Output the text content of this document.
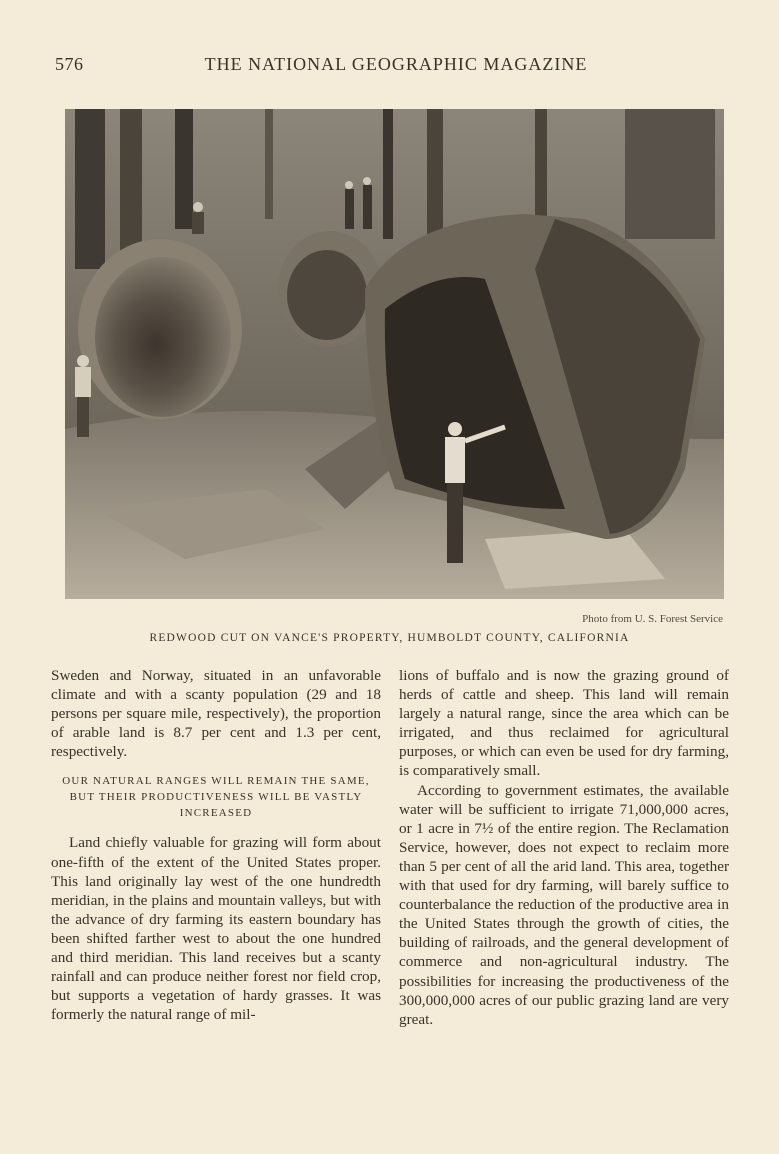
576	THE NATIONAL GEOGRAPHIC MAGAZINE
Photo from U. S. Forest Service
REDWOOD CUT ON VANCE'S PROPERTY, HUMBOLDT COUNTY, CALIFORNIA

Sweden and Norway, situated in an unfavorable climate and with a scanty population (29 and 18 persons per square mile, respectively), the proportion of arable land is 8.7 per cent and 1.3 per cent, respectively.

OUR NATURAL RANGES WILL REMAIN THE SAME, BUT THEIR PRODUCTIVENESS WILL BE VASTLY INCREASED

Land chiefly valuable for grazing will form about one-fifth of the extent of the United States proper. This land originally lay west of the one hundredth meridian, in the plains and mountain valleys, but with the advance of dry farming its eastern boundary has been shifted farther west to about the one hundred and third meridian. This land receives but a scanty rainfall and can produce neither forest nor field crop, but supports a vegetation of hardy grasses. It was formerly the natural range of mil-

lions of buffalo and is now the grazing ground of herds of cattle and sheep. This land will remain largely a natural range, since the area which can be irrigated, and thus reclaimed for agricultural purposes, or which can even be used for dry farming, is comparatively small.

According to government estimates, the available water will be sufficient to irrigate 71,000,000 acres, or 1 acre in 7½ of the entire region. The Reclamation Service, however, does not expect to reclaim more than 5 per cent of all the arid land. This area, together with that used for dry farming, will barely suffice to counterbalance the reduction of the productive area in the United States through the growth of cities, the building of railroads, and the general development of commerce and non-agricultural industry. The possibilities for increasing the productiveness of the 300,000,000 acres of our public grazing land are very great.
